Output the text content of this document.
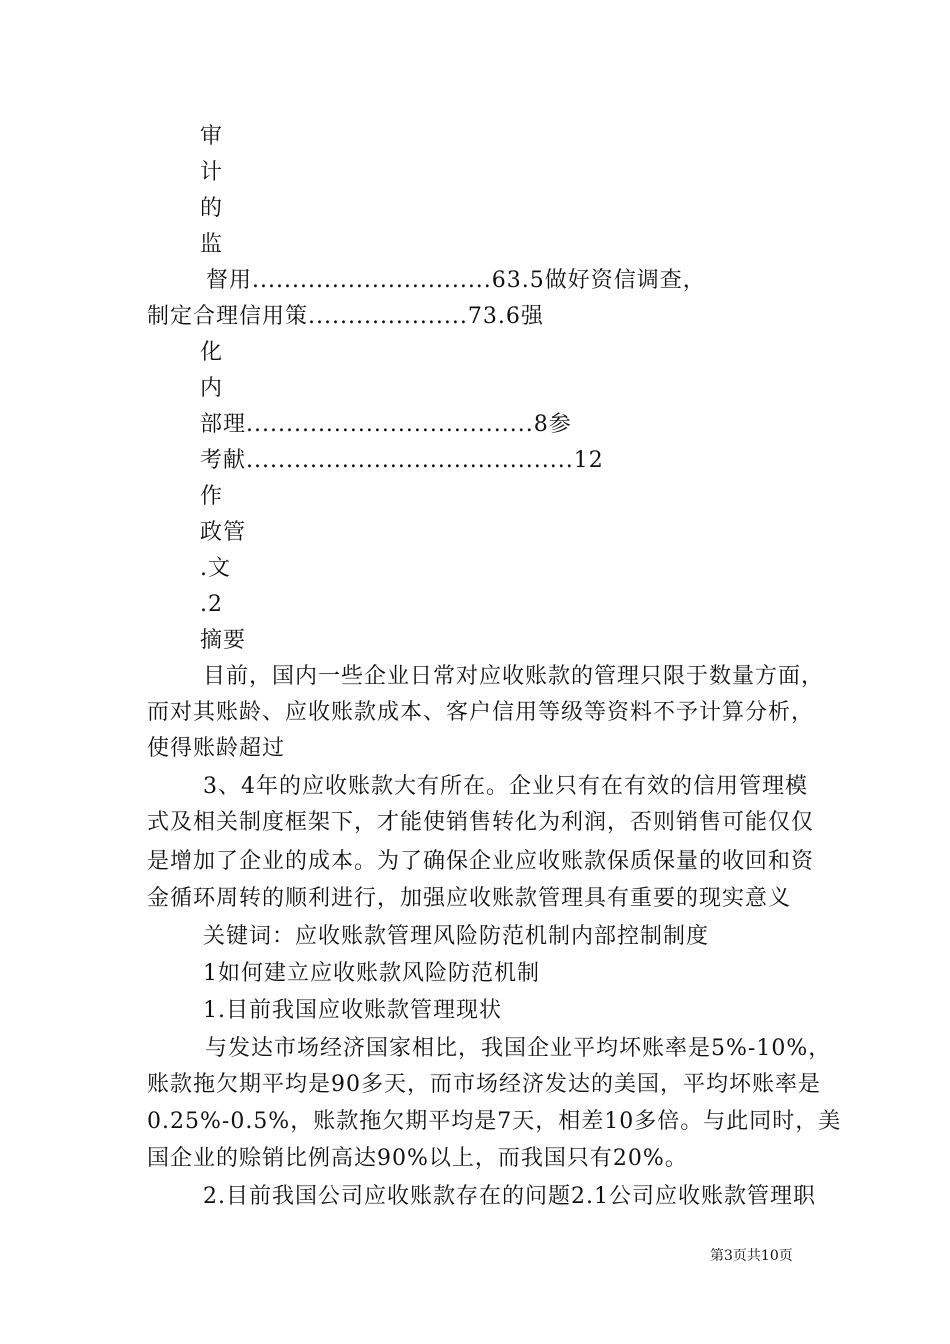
审
计
的
监
督用..............................63.5做好资信调查，
制定合理信用策....................73.6强
化
内
部理....................................8参
考献.........................................12
作
政管
.文
.2
摘要
目前，国内一些企业日常对应收账款的管理只限于数量方面，
而对其账龄、应收账款成本、客户信用等级等资料不予计算分析，
使得账龄超过
3、4年的应收账款大有所在。企业只有在有效的信用管理模
式及相关制度框架下，才能使销售转化为利润，否则销售可能仅仅
是增加了企业的成本。为了确保企业应收账款保质保量的收回和资
金循环周转的顺利进行，加强应收账款管理具有重要的现实意义
关键词：应收账款管理风险防范机制内部控制制度
1如何建立应收账款风险防范机制
1.目前我国应收账款管理现状
与发达市场经济国家相比，我国企业平均坏账率是5%-10%，
账款拖欠期平均是90多天，而市场经济发达的美国，平均坏账率是
0.25%-0.5%，账款拖欠期平均是7天，相差10多倍。与此同时，美
国企业的赊销比例高达90%以上，而我国只有20%。
2.目前我国公司应收账款存在的问题2.1公司应收账款管理职
第3页共10页
